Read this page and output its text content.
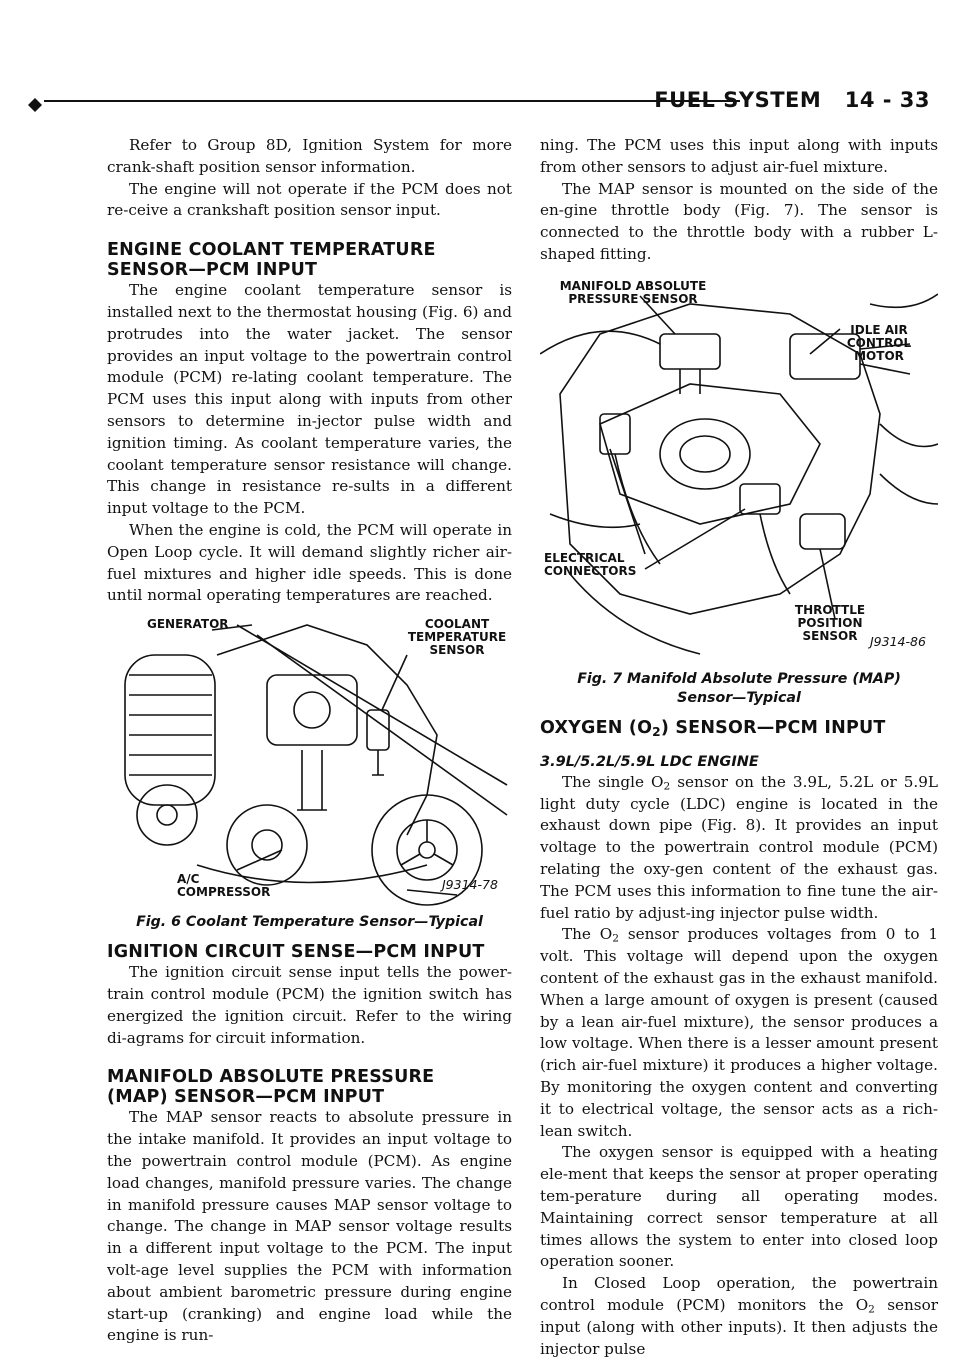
FUEL SYSTEM 14 - 33

Refer to Group 8D, Ignition System for more crank-shaft position sensor information.

The engine will not operate if the PCM does not re-ceive a crankshaft position sensor input.

ENGINE COOLANT TEMPERATURE SENSOR—PCM INPUT

The engine coolant temperature sensor is installed next to the thermostat housing (Fig. 6) and protrudes into the water jacket. The sensor provides an input voltage to the powertrain control module (PCM) re-lating coolant temperature. The PCM uses this input along with inputs from other sensors to determine in-jector pulse width and ignition timing. As coolant temperature varies, the coolant temperature sensor resistance will change. This change in resistance re-sults in a different input voltage to the PCM.

When the engine is cold, the PCM will operate in Open Loop cycle. It will demand slightly richer air-fuel mixtures and higher idle speeds. This is done until normal operating temperatures are reached.

GENERATOR	COOLANT TEMPERATURE SENSOR
A/C COMPRESSOR	J9314-78
Fig. 6 Coolant Temperature Sensor—Typical
IGNITION CIRCUIT SENSE—PCM INPUT

The ignition circuit sense input tells the power-train control module (PCM) the ignition switch has energized the ignition circuit. Refer to the wiring di-agrams for circuit information.

MANIFOLD ABSOLUTE PRESSURE (MAP) SENSOR—PCM INPUT

The MAP sensor reacts to absolute pressure in the intake manifold. It provides an input voltage to the powertrain control module (PCM). As engine load changes, manifold pressure varies. The change in manifold pressure causes MAP sensor voltage to change. The change in MAP sensor voltage results in a different input voltage to the PCM. The input volt-age level supplies the PCM with information about ambient barometric pressure during engine start-up (cranking) and engine load while the engine is run-

ning. The PCM uses this input along with inputs from other sensors to adjust air-fuel mixture.

The MAP sensor is mounted on the side of the en-gine throttle body (Fig. 7). The sensor is connected to the throttle body with a rubber L-shaped fitting.

MANIFOLD ABSOLUTE PRESSURE SENSOR
IDLE AIR CONTROL MOTOR
ELECTRICAL CONNECTORS
THROTTLE POSITION SENSOR	J9314-86
Fig. 7 Manifold Absolute Pressure (MAP) Sensor—Typical
OXYGEN $(O_2)$ SENSOR—PCM INPUT
3.9L/5.2L/5.9L LDC ENGINE

The single $O_2$ sensor on the 3.9L, 5.2L or 5.9L light duty cycle (LDC) engine is located in the exhaust down pipe (Fig. 8). It provides an input voltage to the powertrain control module (PCM) relating the oxy-gen content of the exhaust gas. The PCM uses this information to fine tune the air-fuel ratio by adjust-ing injector pulse width.

The $O_2$ sensor produces voltages from 0 to 1 volt. This voltage will depend upon the oxygen content of the exhaust gas in the exhaust manifold. When a large amount of oxygen is present (caused by a lean air-fuel mixture), the sensor produces a low voltage. When there is a lesser amount present (rich air-fuel mixture) it produces a higher voltage. By monitoring the oxygen content and converting it to electrical voltage, the sensor acts as a rich-lean switch.

The oxygen sensor is equipped with a heating ele-ment that keeps the sensor at proper operating tem-perature during all operating modes. Maintaining correct sensor temperature at all times allows the system to enter into closed loop operation sooner.

In Closed Loop operation, the powertrain control module (PCM) monitors the $O_2$ sensor input (along with other inputs). It then adjusts the injector pulse
